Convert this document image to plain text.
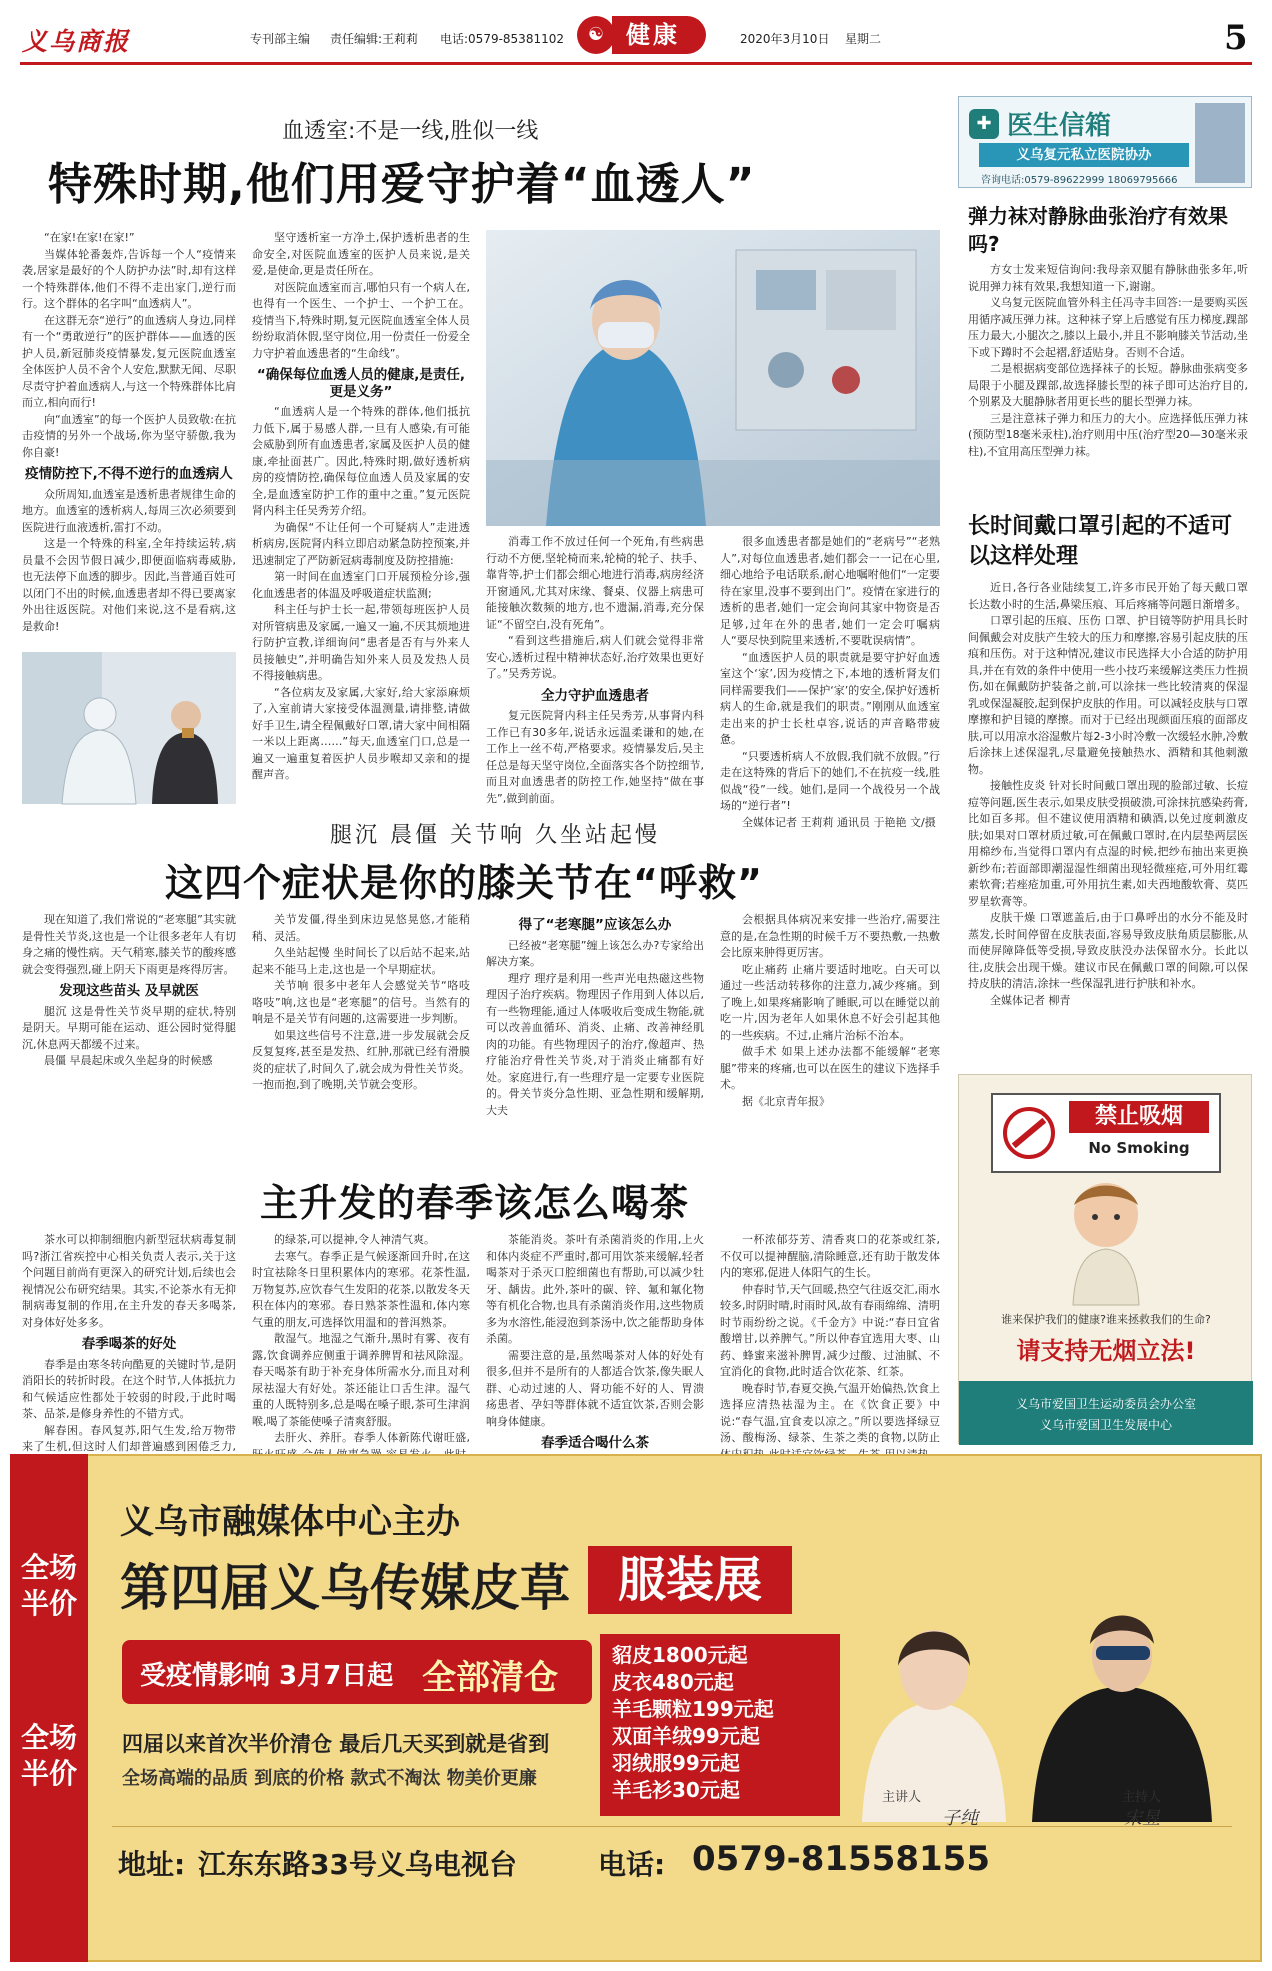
义乌商报	专刊部主编 责任编辑:王莉莉 电话:0579-85381102	☯ 健康	2020年3月10日 星期二	5
血透室:不是一线,胜似一线
特殊时期,他们用爱守护着“血透人”

“在家!在家!在家!”

当媒体轮番轰炸,告诉每一个人“疫情来袭,居家是最好的个人防护办法”时,却有这样一个特殊群体,他们不得不走出家门,逆行而行。这个群体的名字叫“血透病人”。

在这群无奈“逆行”的血透病人身边,同样有一个“勇敢逆行”的医护群体——血透的医护人员,新冠肺炎疫情暴发,复元医院血透室全体医护人员不舍个人安危,默默无闻、尽职尽责守护着血透病人,与这一个特殊群体比肩而立,相向而行!

向“血透室”的每一个医护人员致敬:在抗击疫情的另外一个战场,你为坚守骄傲,我为你自豪!

疫情防控下,不得不逆行的血透病人

众所周知,血透室是透析患者规律生命的地方。血透室的透析病人,每周三次必须要到医院进行血液透析,雷打不动。

这是一个特殊的科室,全年持续运转,病员量不会因节假日减少,即便面临病毒威胁,也无法停下血透的脚步。因此,当普通百姓可以闭门不出的时候,血透患者却不得已要离家外出往返医院。对他们来说,这不是看病,这是救命!

坚守透析室一方净土,保护透析患者的生命安全,对医院血透室的医护人员来说,是关爱,是使命,更是责任所在。

对医院血透室而言,哪怕只有一个病人在,也得有一个医生、一个护士、一个护工在。疫情当下,特殊时期,复元医院血透室全体人员纷纷取消休假,坚守岗位,用一份责任一份爱全力守护着血透患者的“生命线”。

“确保每位血透人员的健康,是责任,更是义务”

“血透病人是一个特殊的群体,他们抵抗力低下,属于易感人群,一旦有人感染,有可能会威胁到所有血透患者,家属及医护人员的健康,牵扯面甚广。因此,特殊时期,做好透析病房的疫情防控,确保每位血透人员及家属的安全,是血透室防护工作的重中之重。”复元医院肾内科主任吴秀芳介绍。

为确保“不让任何一个可疑病人”走进透析病房,医院肾内科立即启动紧急防控预案,并迅速制定了严防新冠病毒制度及防控措施:

第一时间在血透室门口开展预检分诊,强化血透患者的体温及呼吸道症状监测;

科主任与护士长一起,带领每班医护人员对所管病患及家属,一遍又一遍,不厌其烦地进行防护宣教,详细询问“患者是否有与外来人员接触史”,并明确告知外来人员及发热人员不得接触病患。

“各位病友及家属,大家好,给大家添麻烦了,入室前请大家接受体温测量,请排整,请做好手卫生,请全程佩戴好口罩,请大家中间相隔一米以上距离……”每天,血透室门口,总是一遍又一遍重复着医护人员步喉却又亲和的提醒声音。

消毒工作不放过任何一个死角,有些病患行动不方便,坚轮椅而来,轮椅的轮子、扶手、靠背等,护士们都会细心地进行消毒,病房经济开窗通风,尤其对床缘、餐桌、仪器上病患可能接触次数频的地方,也不遗漏,消毒,充分保证“不留空白,没有死角”。

“看到这些措施后,病人们就会觉得非常安心,透析过程中精神状态好,治疗效果也更好了。”吴秀芳说。

全力守护血透患者

复元医院肾内科主任吴秀芳,从事肾内科工作已有30多年,说话永远温柔谦和的她,在工作上一丝不苟,严格要求。疫情暴发后,吴主任总是每天坚守岗位,全面落实各个防控细节,而且对血透患者的防控工作,她坚持“做在事先”,做到前面。

很多血透患者都是她们的“老病号”“老熟人”,对每位血透患者,她们都会一一记在心里,细心地给予电话联系,耐心地嘱咐他们“一定要待在家里,没事不要到出门”。疫情在家进行的透析的患者,她们一定会询问其家中物资是否足够,过年在外的患者,她们一定会叮嘱病人“要尽快到院里来透析,不要耽误病情”。

“血透医护人员的职责就是要守护好血透室这个‘家’,因为疫情之下,本地的透析肾友们同样需要我们——保护‘家’的安全,保护好透析病人的生命,就是我们的职责。”刚刚从血透室走出来的护士长杜卓容,说话的声音略带疲惫。

“只要透析病人不放假,我们就不放假。”行走在这特殊的背后下的她们,不在抗疫一线,胜似战“役”一线。她们,是同一个战役另一个战场的“逆行者”!

全媒体记者 王莉莉 通讯员 于艳艳 文/摄

腿沉 晨僵 关节响 久坐站起慢
这四个症状是你的膝关节在“呼救”

现在知道了,我们常说的“老寒腿”其实就是骨性关节炎,这也是一个让很多老年人有切身之痛的慢性病。天气稍寒,膝关节的酸疼感就会变得强烈,碰上阴天下雨更是疼得厉害。

发现这些苗头 及早就医

腿沉 这是骨性关节炎早期的症状,特别是阴天。早期可能在运动、逛公园时觉得腿沉,休息两天都缓不过来。

晨僵 早晨起床或久坐起身的时候感

关节发僵,得坐到床边晃悠晃悠,才能稍稍、灵活。

久坐站起慢 坐时间长了以后站不起来,站起来不能马上走,这也是一个早期症状。

关节响 很多中老年人会感觉关节“咯吱咯吱”响,这也是“老寒腿”的信号。当然有的响是不是关节有问题的,这需要进一步判断。

如果这些信号不注意,进一步发展就会反反复复疼,甚至是发热、红肿,那就已经有滑膜炎的症状了,时间久了,就会成为骨性关节炎。一抱而抱,到了晚期,关节就会变形。

得了“老寒腿”应该怎么办

已经被“老寒腿”缠上该怎么办?专家给出解决方案。

理疗 理疗是利用一些声光电热磁这些物理因子治疗疾病。物理因子作用到人体以后,有一些物理能,通过人体吸收后变成生物能,就可以改善血循环、消炎、止痛、改善神经肌肉的功能。有些物理因子的治疗,像超声、热疗能治疗骨性关节炎,对于消炎止痛都有好处。家庭进行,有一些理疗是一定要专业医院的。骨关节炎分急性期、亚急性期和缓解期,大夫

会根据具体病况来安排一些治疗,需要注意的是,在急性期的时候千万不要热敷,一热敷会比原来肿得更厉害。

吃止痛药 止痛片要适时地吃。白天可以通过一些活动转移你的注意力,减少疼痛。到了晚上,如果疼痛影响了睡眠,可以在睡觉以前吃一片,因为老年人如果休息不好会引起其他的一些疾病。不过,止痛片治标不治本。

做手术 如果上述办法都不能缓解“老寒腿”带来的疼痛,也可以在医生的建议下选择手术。

据《北京青年报》

主升发的春季该怎么喝茶

茶水可以抑制细胞内新型冠状病毒复制吗?浙江省疾控中心相关负责人表示,关于这个问题目前尚有更深入的研究计划,后续也会视情况公布研究结果。其实,不论茶水有无抑制病毒复制的作用,在主升发的春天多喝茶,对身体好处多多。

春季喝茶的好处

春季是由寒冬转向酷夏的关键时节,是阴消阳长的转折时段。在这个时节,人体抵抗力和气候适应性都处于较弱的时段,于此时喝茶、品茶,是修身养性的不错方式。

解春困。春风复苏,阳气生发,给万物带来了生机,但这时人们却普遍感到困倦乏力,

的绿茶,可以提神,令人神清气爽。

去寒气。春季正是气候逐渐回升时,在这时宜祛除冬日里积累体内的寒邪。花茶性温,万物复苏,应饮春气生发阳的花茶,以散发冬天积在体内的寒邪。春日熟茶茶性温和,体内寒气重的朋友,可选择饮用温和的普洱熟茶。

散湿气。地湿之气渐升,黑时有雾、夜有露,饮食调养应侧重于调养脾胃和祛风除湿。春天喝茶有助于补充身体所需水分,而且对利尿祛湿大有好处。茶还能让口舌生津。湿气重的人既特别多,总是喝在嗓子眼,茶可生津润喉,喝了茶能使嗓子清爽舒服。

去肝火、养肝。春季人体新陈代谢旺盛,

茶能消炎。茶叶有杀菌消炎的作用,上火和体内炎症不严重时,都可用饮茶来缓解,轻者喝茶对于杀灭口腔细菌也有帮助,可以减少牡牙、龋齿。此外,茶叶的碳、锌、氟和氟化物等有机化合物,也具有杀菌消炎作用,这些物质多为水溶性,能浸泡到茶汤中,饮之能帮助身体杀菌。

需要注意的是,虽然喝茶对人体的好处有很多,但并不是所有的人都适合饮茶,像失眠人群、心动过速的人、肾功能不好的人、胃溃疡患者、孕妇等群体就不适宜饮茶,否则会影响身体健康。

春季适合喝什么茶

一杯浓郁芬芳、清香爽口的花茶或红茶,不仅可以提神醒脑,清除睡意,还有助于散发体内的寒邪,促进人体阳气的生长。

仲春时节,天气回暖,热空气往返交汇,雨水较多,时阴时晴,时雨时风,故有春雨绵绵、清明时节雨纷纷之说。《千金方》中说:“春日宜省酸增甘,以养脾气。”所以仲春宜选用大枣、山药、蜂蜜来滋补脾胃,减少过酸、过油腻、不宜消化的食物,此时适合饮花茶、红茶。

晚春时节,春夏交换,气温开始偏热,饮食上选择应清热祛湿为主。在《饮食正要》中说:“春气温,宜食麦以凉之。”所以要选择绿豆汤、酸梅汤、绿茶、生茶之类的食物,以防止

✚ 医生信箱
义乌复元私立医院协办
咨询电话:0579-89622999 18069795666
弹力袜对静脉曲张治疗有效果吗?

方女士发来短信询问:我母亲双腿有静脉曲张多年,听说用弹力袜有效果,我想知道一下,谢谢。

义乌复元医院血管外科主任冯寺丰回答:一是要购买医用循序减压弹力袜。这种袜子穿上后感觉有压力梯度,踝部压力最大,小腿次之,膝以上最小,并且不影响膝关节活动,坐下或下蹲时不会起褶,舒适贴身。否则不合适。

二是根据病变部位选择袜子的长短。静脉曲张病变多局限于小腿及踝部,故选择膝长型的袜子即可达治疗目的,个别累及大腿静脉者用更长些的腿长型弹力袜。

三是注意袜子弹力和压力的大小。应选择低压弹力袜(预防型18毫米汞柱),治疗则用中压(治疗型20—30毫米汞柱),不宜用高压型弹力袜。

长时间戴口罩引起的不适可以这样处理

近日,各行各业陆续复工,许多市民开始了每天戴口罩长达数小时的生活,鼻梁压痕、耳后疼痛等问题日渐增多。

口罩引起的压痕、压伤 口罩、护目镜等防护用具长时间佩戴会对皮肤产生较大的压力和摩擦,容易引起皮肤的压痕和压伤。对于这种情况,建议市民选择大小合适的防护用具,并在有效的条件中使用一些小技巧来缓解这类压力性损伤,如在佩戴防护装备之前,可以涂抹一些比较清爽的保湿乳或保湿凝胶,起到保护皮肤的作用。可以减轻皮肤与口罩摩擦和护目镜的摩擦。而对于已经出现颜面压痕的面部皮肤,可以用凉水浴湿敷片每2-3小时冷敷一次缓轻水肿,冷敷后涂抹上述保湿乳,尽量避免接触热水、酒精和其他刺激物。

接触性皮炎 针对长时间戴口罩出现的脸部过敏、长痘痘等问题,医生表示,如果皮肤受损破溃,可涂抹抗感染药膏,比如百多邦。但不建议使用酒精和碘酒,以免过度刺激皮肤;如果对口罩材质过敏,可在佩戴口罩时,在内层垫两层医用棉纱布,当觉得口罩内有点湿的时候,把纱布抽出来更换新纱布;若面部即潮湿湿性细菌出现轻微痤疮,可外用红霉素软膏;若痤疮加重,可外用抗生素,如夫西地酸软膏、莫匹罗星软膏等。

皮肤干燥 口罩遮盖后,由于口鼻呼出的水分不能及时蒸发,长时间停留在皮肤表面,容易导致皮肤角质层膨胀,从而使屏障降低等受损,导致皮肤没办法保留水分。长此以往,皮肤会出现干燥。建议市民在佩戴口罩的间隙,可以保持皮肤的清洁,涂抹一些保湿乳进行护肤和补水。

全媒体记者 柳青

禁止吸烟
No Smoking
谁来保护我们的健康?谁来拯救我们的生命?
请支持无烟立法!
义乌市爱国卫生运动委员会办公室
义乌市爱国卫生发展中心
义乌市融媒体中心主办
第四届义乌传媒皮草 服装展
受疫情影响 3月7日起 全部清仓
四届以来首次半价清仓 最后几天买到就是省到
全场高端的品质 到底的价格 款式不淘汰 物美价更廉
地址: 江东东路33号义乌电视台	电话: 0579-81558155
貂皮1800元起
皮衣480元起
羊毛颗粒199元起
双面羊绒99元起
羽绒服99元起
羊毛衫30元起	主讲人
子纯
主持人
宋昱
全场半价
全场半价
